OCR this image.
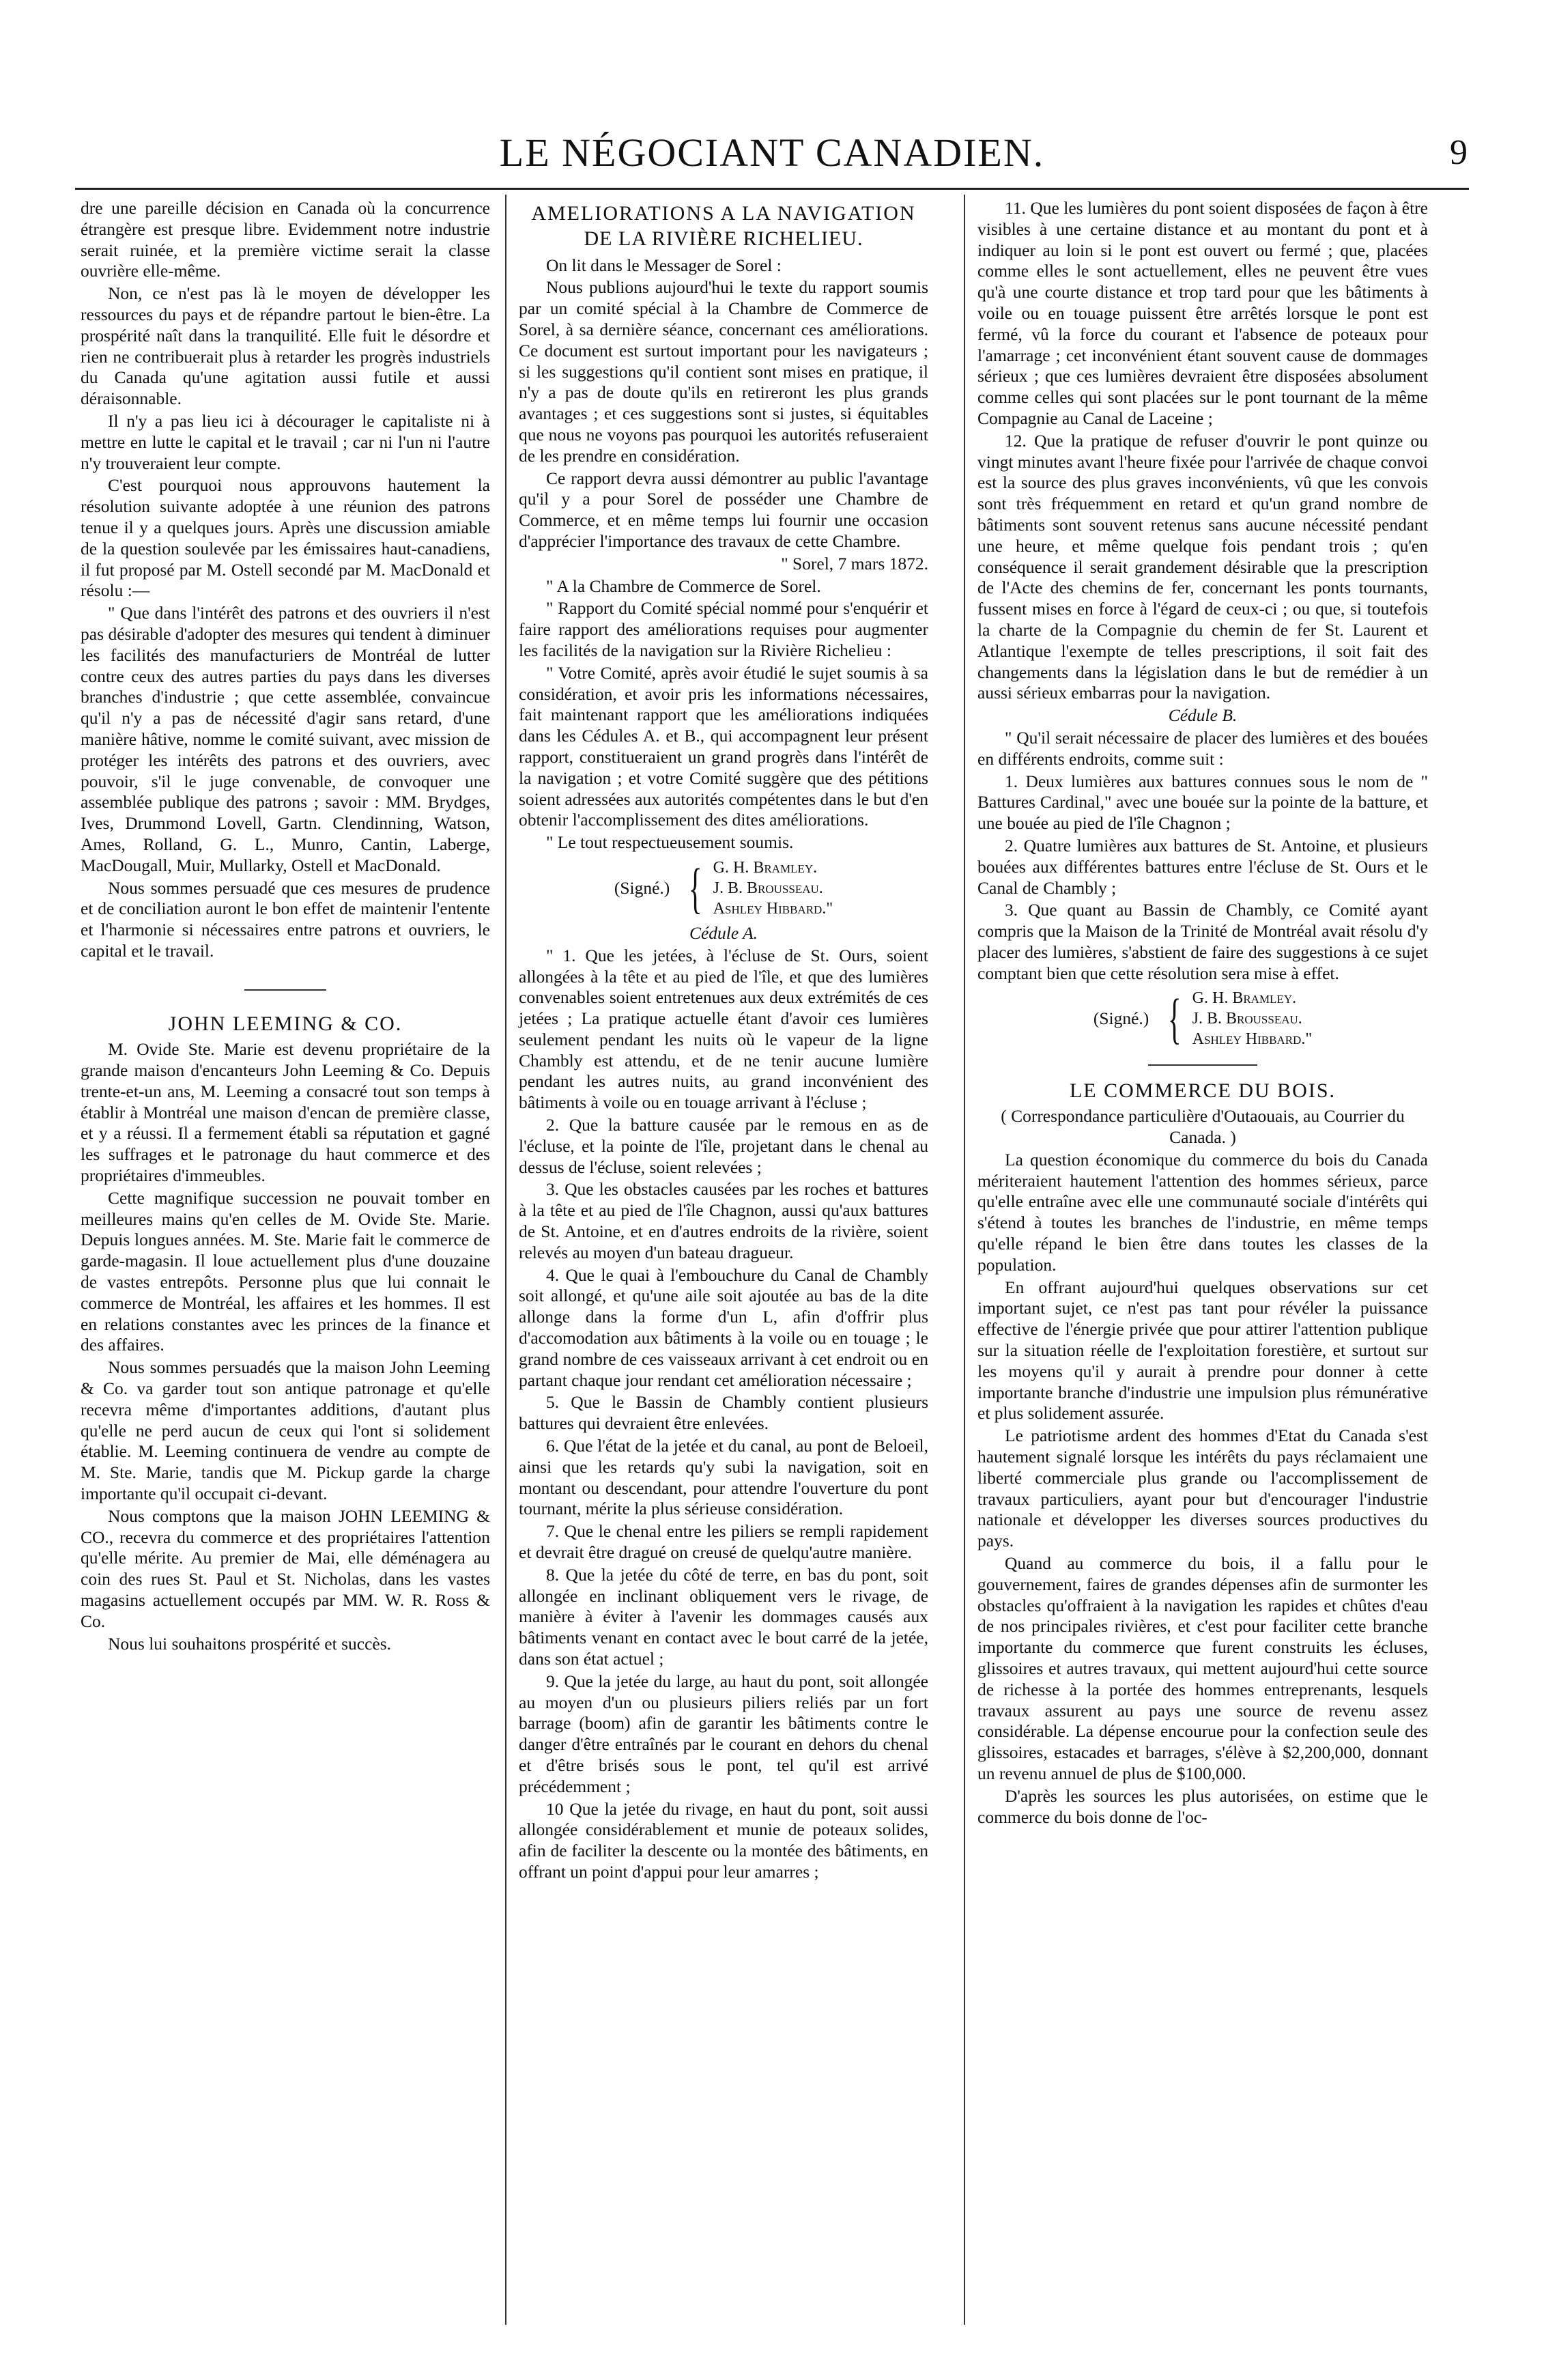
LE NÉGOCIANT CANADIEN.	9

dre une pareille décision en Canada où la concurrence étrangère est presque libre. Evidemment notre industrie serait ruinée, et la première victime serait la classe ouvrière elle-même.

Non, ce n'est pas là le moyen de développer les ressources du pays et de répandre partout le bien-être. La prospérité naît dans la tranquilité. Elle fuit le désordre et rien ne contribuerait plus à retarder les progrès industriels du Canada qu'une agitation aussi futile et aussi déraisonnable.

Il n'y a pas lieu ici à décourager le capitaliste ni à mettre en lutte le capital et le travail ; car ni l'un ni l'autre n'y trouveraient leur compte.

C'est pourquoi nous approuvons hautement la résolution suivante adoptée à une réunion des patrons tenue il y a quelques jours. Après une discussion amiable de la question soulevée par les émissaires haut-canadiens, il fut proposé par M. Ostell secondé par M. MacDonald et résolu :—

" Que dans l'intérêt des patrons et des ouvriers il n'est pas désirable d'adopter des mesures qui tendent à diminuer les facilités des manufacturiers de Montréal de lutter contre ceux des autres parties du pays dans les diverses branches d'industrie ; que cette assemblée, convaincue qu'il n'y a pas de nécessité d'agir sans retard, d'une manière hâtive, nomme le comité suivant, avec mission de protéger les intérêts des patrons et des ouvriers, avec pouvoir, s'il le juge convenable, de convoquer une assemblée publique des patrons ; savoir : MM. Brydges, Ives, Drummond Lovell, Gartn. Clendinning, Watson, Ames, Rolland, G. L., Munro, Cantin, Laberge, MacDougall, Muir, Mullarky, Ostell et MacDonald.

Nous sommes persuadé que ces mesures de prudence et de conciliation auront le bon effet de maintenir l'entente et l'harmonie si nécessaires entre patrons et ouvriers, le capital et le travail.

JOHN LEEMING & CO.

M. Ovide Ste. Marie est devenu propriétaire de la grande maison d'encanteurs John Leeming & Co. Depuis trente-et-un ans, M. Leeming a consacré tout son temps à établir à Montréal une maison d'encan de première classe, et y a réussi. Il a fermement établi sa réputation et gagné les suffrages et le patronage du haut commerce et des propriétaires d'immeubles.

Cette magnifique succession ne pouvait tomber en meilleures mains qu'en celles de M. Ovide Ste. Marie. Depuis longues années. M. Ste. Marie fait le commerce de garde-magasin. Il loue actuellement plus d'une douzaine de vastes entrepôts. Personne plus que lui connait le commerce de Montréal, les affaires et les hommes. Il est en relations constantes avec les princes de la finance et des affaires.

Nous sommes persuadés que la maison John Leeming & Co. va garder tout son antique patronage et qu'elle recevra même d'importantes additions, d'autant plus qu'elle ne perd aucun de ceux qui l'ont si solidement établie. M. Leeming continuera de vendre au compte de M. Ste. Marie, tandis que M. Pickup garde la charge importante qu'il occupait ci-devant.

Nous comptons que la maison JOHN LEEMING & CO., recevra du commerce et des propriétaires l'attention qu'elle mérite. Au premier de Mai, elle déménagera au coin des rues St. Paul et St. Nicholas, dans les vastes magasins actuellement occupés par MM. W. R. Ross & Co.

Nous lui souhaitons prospérité et succès.

AMELIORATIONS A LA NAVIGATION
DE LA RIVIÈRE RICHELIEU.

On lit dans le Messager de Sorel :

Nous publions aujourd'hui le texte du rapport soumis par un comité spécial à la Chambre de Commerce de Sorel, à sa dernière séance, concernant ces améliorations. Ce document est surtout important pour les navigateurs ; si les suggestions qu'il contient sont mises en pratique, il n'y a pas de doute qu'ils en retireront les plus grands avantages ; et ces suggestions sont si justes, si équitables que nous ne voyons pas pourquoi les autorités refuseraient de les prendre en considération.

Ce rapport devra aussi démontrer au public l'avantage qu'il y a pour Sorel de posséder une Chambre de Commerce, et en même temps lui fournir une occasion d'apprécier l'importance des travaux de cette Chambre.

" Sorel, 7 mars 1872.

" A la Chambre de Commerce de Sorel.

" Rapport du Comité spécial nommé pour s'enquérir et faire rapport des améliorations requises pour augmenter les facilités de la navigation sur la Rivière Richelieu :

" Votre Comité, après avoir étudié le sujet soumis à sa considération, et avoir pris les informations nécessaires, fait maintenant rapport que les améliorations indiquées dans les Cédules A. et B., qui accompagnent leur présent rapport, constitueraient un grand progrès dans l'intérêt de la navigation ; et votre Comité suggère que des pétitions soient adressées aux autorités compétentes dans le but d'en obtenir l'accomplissement des dites améliorations.

" Le tout respectueusement soumis.

(Signé.) { G. H. Bramley.
J. B. Brousseau.
Ashley Hibbard."

Cédule A.

" 1. Que les jetées, à l'écluse de St. Ours, soient allongées à la tête et au pied de l'île, et que des lumières convenables soient entretenues aux deux extrémités de ces jetées ; La pratique actuelle étant d'avoir ces lumières seulement pendant les nuits où le vapeur de la ligne Chambly est attendu, et de ne tenir aucune lumière pendant les autres nuits, au grand inconvénient des bâtiments à voile ou en touage arrivant à l'écluse ;

2. Que la batture causée par le remous en as de l'écluse, et la pointe de l'île, projetant dans le chenal au dessus de l'écluse, soient relevées ;

3. Que les obstacles causées par les roches et battures à la tête et au pied de l'île Chagnon, aussi qu'aux battures de St. Antoine, et en d'autres endroits de la rivière, soient relevés au moyen d'un bateau dragueur.

4. Que le quai à l'embouchure du Canal de Chambly soit allongé, et qu'une aile soit ajoutée au bas de la dite allonge dans la forme d'un L, afin d'offrir plus d'accomodation aux bâtiments à la voile ou en touage ; le grand nombre de ces vaisseaux arrivant à cet endroit ou en partant chaque jour rendant cet amélioration nécessaire ;

5. Que le Bassin de Chambly contient plusieurs battures qui devraient être enlevées.

6. Que l'état de la jetée et du canal, au pont de Beloeil, ainsi que les retards qu'y subi la navigation, soit en montant ou descendant, pour attendre l'ouverture du pont tournant, mérite la plus sérieuse considération.

7. Que le chenal entre les piliers se rempli rapidement et devrait être dragué on creusé de quelqu'autre manière.

8. Que la jetée du côté de terre, en bas du pont, soit allongée en inclinant obliquement vers le rivage, de manière à éviter à l'avenir les dommages causés aux bâtiments venant en contact avec le bout carré de la jetée, dans son état actuel ;

9. Que la jetée du large, au haut du pont, soit allongée au moyen d'un ou plusieurs piliers reliés par un fort barrage (boom) afin de garantir les bâtiments contre le danger d'être entraînés par le courant en dehors du chenal et d'être brisés sous le pont, tel qu'il est arrivé précédemment ;

10 Que la jetée du rivage, en haut du pont, soit aussi allongée considérablement et munie de poteaux solides, afin de faciliter la descente ou la montée des bâtiments, en offrant un point d'appui pour leur amarres ;

11. Que les lumières du pont soient disposées de façon à être visibles à une certaine distance et au montant du pont et à indiquer au loin si le pont est ouvert ou fermé ; que, placées comme elles le sont actuellement, elles ne peuvent être vues qu'à une courte distance et trop tard pour que les bâtiments à voile ou en touage puissent être arrêtés lorsque le pont est fermé, vû la force du courant et l'absence de poteaux pour l'amarrage ; cet inconvénient étant souvent cause de dommages sérieux ; que ces lumières devraient être disposées absolument comme celles qui sont placées sur le pont tournant de la même Compagnie au Canal de Laceine ;

12. Que la pratique de refuser d'ouvrir le pont quinze ou vingt minutes avant l'heure fixée pour l'arrivée de chaque convoi est la source des plus graves inconvénients, vû que les convois sont très fréquemment en retard et qu'un grand nombre de bâtiments sont souvent retenus sans aucune nécessité pendant une heure, et même quelque fois pendant trois ; qu'en conséquence il serait grandement désirable que la prescription de l'Acte des chemins de fer, concernant les ponts tournants, fussent mises en force à l'égard de ceux-ci ; ou que, si toutefois la charte de la Compagnie du chemin de fer St. Laurent et Atlantique l'exempte de telles prescriptions, il soit fait des changements dans la législation dans le but de remédier à un aussi sérieux embarras pour la navigation.

Cédule B.

" Qu'il serait nécessaire de placer des lumières et des bouées en différents endroits, comme suit :

1. Deux lumières aux battures connues sous le nom de " Battures Cardinal," avec une bouée sur la pointe de la batture, et une bouée au pied de l'île Chagnon ;

2. Quatre lumières aux battures de St. Antoine, et plusieurs bouées aux différentes battures entre l'écluse de St. Ours et le Canal de Chambly ;

3. Que quant au Bassin de Chambly, ce Comité ayant compris que la Maison de la Trinité de Montréal avait résolu d'y placer des lumières, s'abstient de faire des suggestions à ce sujet comptant bien que cette résolution sera mise à effet.

(Signé.) { G. H. Bramley.
J. B. Brousseau.
Ashley Hibbard."
LE COMMERCE DU BOIS.

( Correspondance particulière d'Outaouais, au Courrier du Canada. )

La question économique du commerce du bois du Canada mériteraient hautement l'attention des hommes sérieux, parce qu'elle entraîne avec elle une communauté sociale d'intérêts qui s'étend à toutes les branches de l'industrie, en même temps qu'elle répand le bien être dans toutes les classes de la population.

En offrant aujourd'hui quelques observations sur cet important sujet, ce n'est pas tant pour révéler la puissance effective de l'énergie privée que pour attirer l'attention publique sur la situation réelle de l'exploitation forestière, et surtout sur les moyens qu'il y aurait à prendre pour donner à cette importante branche d'industrie une impulsion plus rémunérative et plus solidement assurée.

Le patriotisme ardent des hommes d'Etat du Canada s'est hautement signalé lorsque les intérêts du pays réclamaient une liberté commerciale plus grande ou l'accomplissement de travaux particuliers, ayant pour but d'encourager l'industrie nationale et développer les diverses sources productives du pays.

Quand au commerce du bois, il a fallu pour le gouvernement, faires de grandes dépenses afin de surmonter les obstacles qu'offraient à la navigation les rapides et chûtes d'eau de nos principales rivières, et c'est pour faciliter cette branche importante du commerce que furent construits les écluses, glissoires et autres travaux, qui mettent aujourd'hui cette source de richesse à la portée des hommes entreprenants, lesquels travaux assurent au pays une source de revenu assez considérable. La dépense encourue pour la confection seule des glissoires, estacades et barrages, s'élève à $2,200,000, donnant un revenu annuel de plus de $100,000.

D'après les sources les plus autorisées, on estime que le commerce du bois donne de l'oc-
